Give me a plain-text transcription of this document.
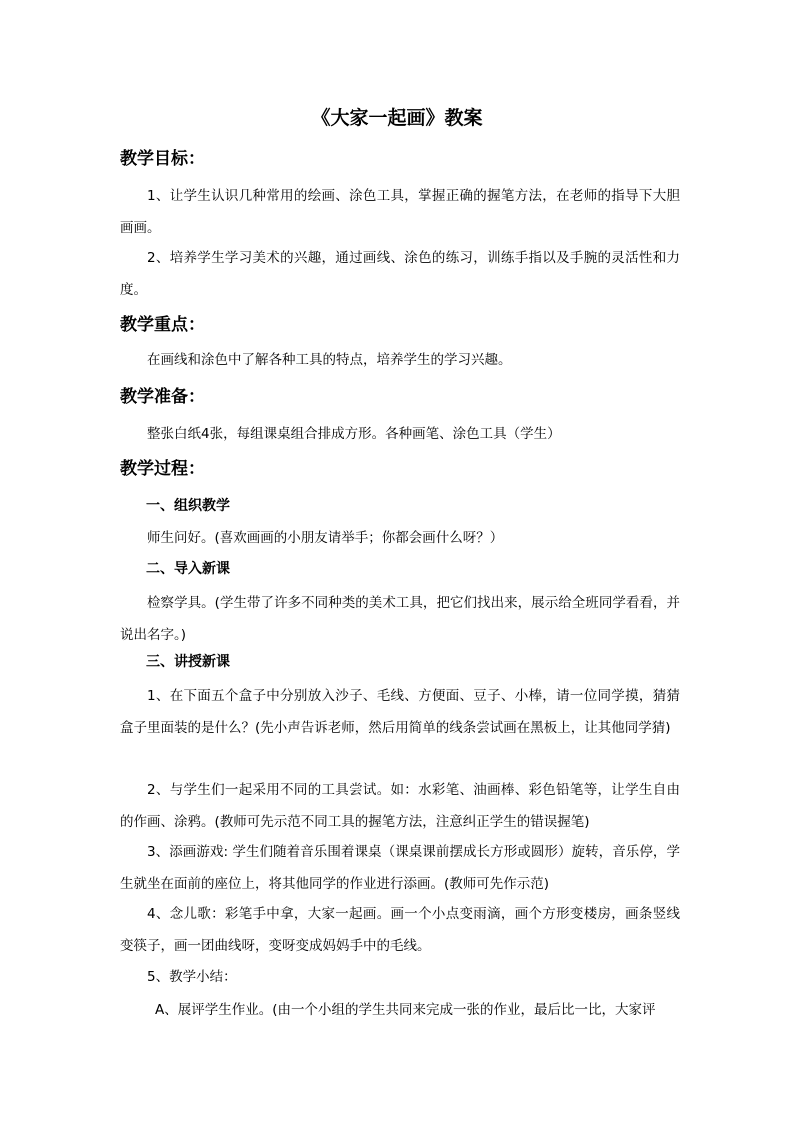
《大家一起画》教案
教学目标：

1、让学生认识几种常用的绘画、涂色工具，掌握正确的握笔方法，在老师的指导下大胆画画。

2、培养学生学习美术的兴趣，通过画线、涂色的练习，训练手指以及手腕的灵活性和力度。

教学重点：

在画线和涂色中了解各种工具的特点，培养学生的学习兴趣。

教学准备：

整张白纸4张，每组课桌组合排成方形。各种画笔、涂色工具（学生）

教学过程：
一、组织教学

师生问好。(喜欢画画的小朋友请举手；你都会画什么呀？）

二、导入新课

检察学具。(学生带了许多不同种类的美术工具，把它们找出来，展示给全班同学看看，并说出名字。)

三、讲授新课

1、在下面五个盒子中分别放入沙子、毛线、方便面、豆子、小棒，请一位同学摸，猜猜盒子里面装的是什么？(先小声告诉老师，然后用简单的线条尝试画在黑板上，让其他同学猜)

2、与学生们一起采用不同的工具尝试。如：水彩笔、油画棒、彩色铅笔等，让学生自由的作画、涂鸦。(教师可先示范不同工具的握笔方法，注意纠正学生的错误握笔)

3、添画游戏: 学生们随着音乐围着课桌（课桌课前摆成长方形或圆形）旋转，音乐停，学生就坐在面前的座位上，将其他同学的作业进行添画。(教师可先作示范)

4、念儿歌：彩笔手中拿，大家一起画。画一个小点变雨滴，画个方形变楼房，画条竖线变筷子，画一团曲线呀，变呀变成妈妈手中的毛线。

5、教学小结：

A、展评学生作业。(由一个小组的学生共同来完成一张的作业，最后比一比，大家评
